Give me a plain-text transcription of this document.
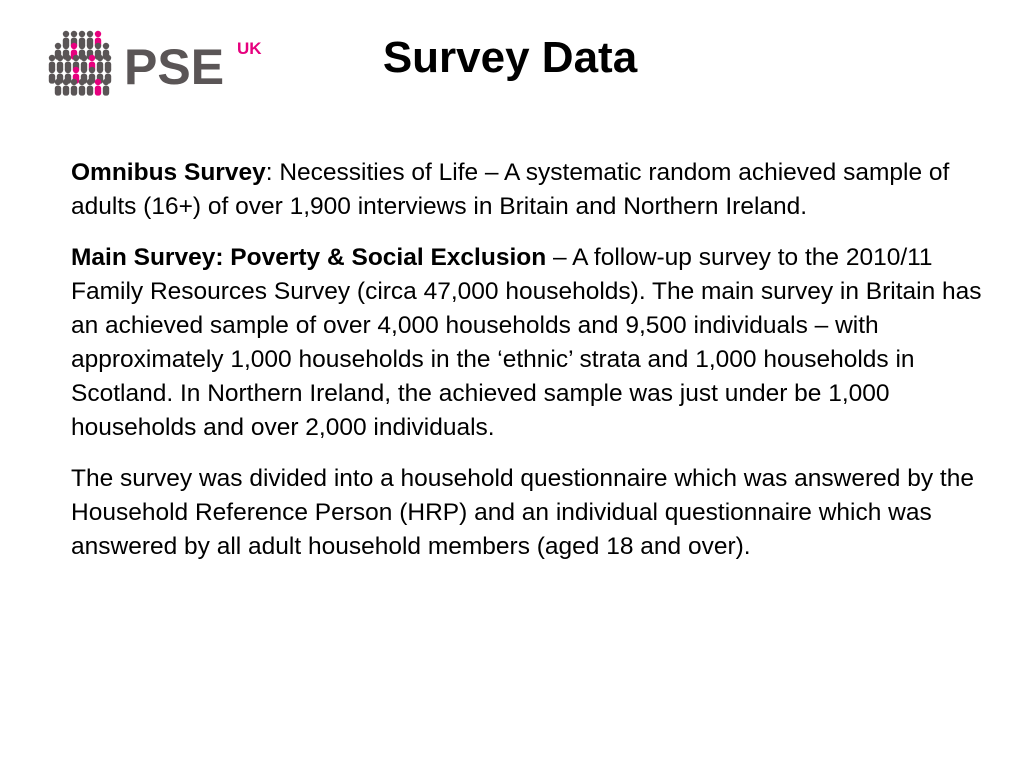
PSE UK	Survey Data

Omnibus Survey: Necessities of Life – A systematic random achieved sample of adults (16+) of over 1,900 interviews in Britain and Northern Ireland.

Main Survey: Poverty & Social Exclusion – A follow-up survey to the 2010/11 Family Resources Survey (circa 47,000 households). The main survey in Britain has an achieved sample of over 4,000 households and 9,500 individuals – with approximately 1,000 households in the ‘ethnic’ strata and 1,000 households in Scotland. In Northern Ireland, the achieved sample was just under be 1,000 households and over 2,000 individuals.

The survey was divided into a household questionnaire which was answered by the Household Reference Person (HRP) and an individual questionnaire which was answered by all adult household members (aged 18 and over).
